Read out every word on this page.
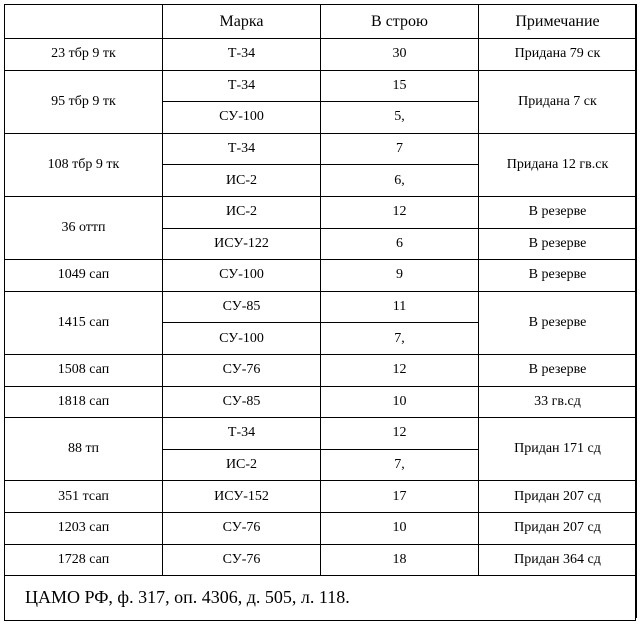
	Марка	В строю	Примечание
23 тбр 9 тк	Т-34	30	Придана 79 ск
95 тбр 9 тк	Т-34	15	Придана 7 ск
	СУ-100	5,	
108 тбр 9 тк	Т-34	7	Придана 12 гв.ск
	ИС-2	6,	
36 оттп	ИС-2	12	В резерве
	ИСУ-122	6	В резерве
1049 сап	СУ-100	9	В резерве
1415 сап	СУ-85	11	В резерве
	СУ-100	7,	
1508 сап	СУ-76	12	В резерве
1818 сап	СУ-85	10	33 гв.сд
88 тп	Т-34	12	Придан 171 сд
	ИС-2	7,	
351 тсап	ИСУ-152	17	Придан 207 сд
1203 сап	СУ-76	10	Придан 207 сд
1728 сап	СУ-76	18	Придан 364 сд
ЦАМО РФ, ф. 317, оп. 4306, д. 505, л. 118.			
